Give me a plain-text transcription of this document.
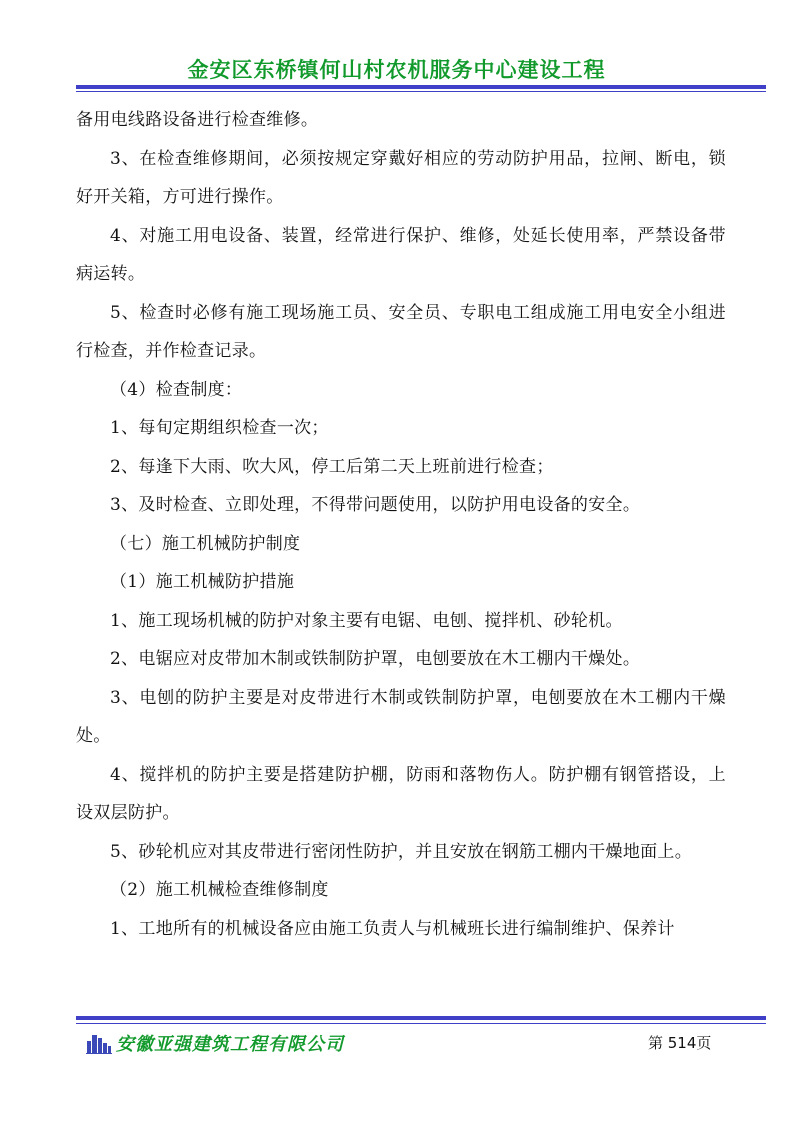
金安区东桥镇何山村农机服务中心建设工程

备用电线路设备进行检查维修。

3、在检查维修期间，必须按规定穿戴好相应的劳动防护用品，拉闸、断电，锁好开关箱，方可进行操作。

4、对施工用电设备、装置，经常进行保护、维修，处延长使用率，严禁设备带病运转。

5、检查时必修有施工现场施工员、安全员、专职电工组成施工用电安全小组进行检查，并作检查记录。

（4）检查制度：

1、每旬定期组织检查一次；

2、每逢下大雨、吹大风，停工后第二天上班前进行检查；

3、及时检查、立即处理，不得带问题使用，以防护用电设备的安全。

（七）施工机械防护制度

（1）施工机械防护措施

1、施工现场机械的防护对象主要有电锯、电刨、搅拌机、砂轮机。

2、电锯应对皮带加木制或铁制防护罩，电刨要放在木工棚内干燥处。

3、电刨的防护主要是对皮带进行木制或铁制防护罩，电刨要放在木工棚内干燥处。

4、搅拌机的防护主要是搭建防护棚，防雨和落物伤人。防护棚有钢管搭设，上设双层防护。

5、砂轮机应对其皮带进行密闭性防护，并且安放在钢筋工棚内干燥地面上。

（2）施工机械检查维修制度

1、工地所有的机械设备应由施工负责人与机械班长进行编制维护、保养计

安徽亚强建筑工程有限公司	第 514页
